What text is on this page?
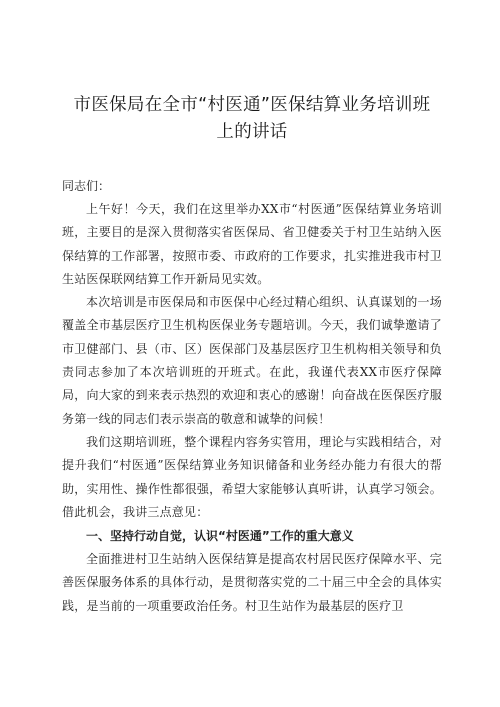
市医保局在全市“村医通”医保结算业务培训班
上的讲话

同志们：

上午好！今天，我们在这里举办XX市“村医通”医保结算业务培训班，主要目的是深入贯彻落实省医保局、省卫健委关于村卫生站纳入医保结算的工作部署，按照市委、市政府的工作要求，扎实推进我市村卫生站医保联网结算工作开新局见实效。

本次培训是市医保局和市医保中心经过精心组织、认真谋划的一场覆盖全市基层医疗卫生机构医保业务专题培训。今天，我们诚挚邀请了市卫健部门、县（市、区）医保部门及基层医疗卫生机构相关领导和负责同志参加了本次培训班的开班式。在此，我谨代表XX市医疗保障局，向大家的到来表示热烈的欢迎和衷心的感谢！向奋战在医保医疗服务第一线的同志们表示崇高的敬意和诚挚的问候！

我们这期培训班，整个课程内容务实管用，理论与实践相结合，对提升我们“村医通”医保结算业务知识储备和业务经办能力有很大的帮助，实用性、操作性都很强，希望大家能够认真听讲，认真学习领会。借此机会，我讲三点意见：

一、坚持行动自觉，认识“村医通”工作的重大意义

全面推进村卫生站纳入医保结算是提高农村居民医疗保障水平、完善医保服务体系的具体行动，是贯彻落实党的二十届三中全会的具体实践，是当前的一项重要政治任务。村卫生站作为最基层的医疗卫
